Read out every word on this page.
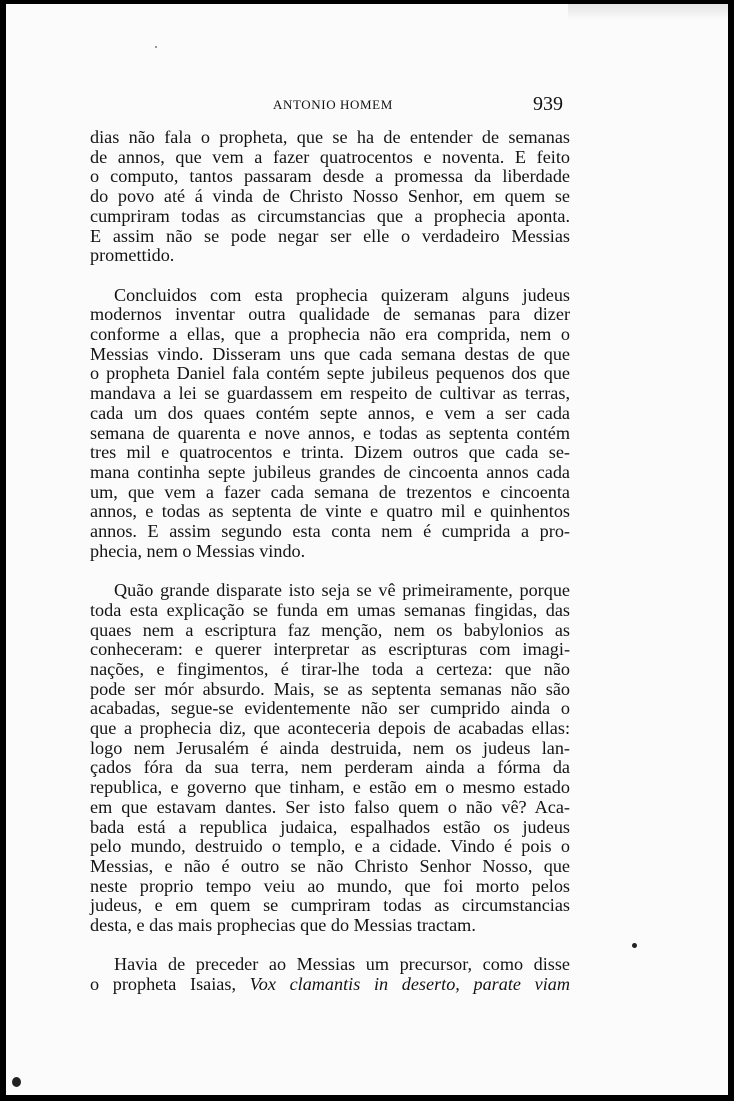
ANTONIO HOMEM	939

dias não fala o propheta, que se ha de entender de semanas
de annos, que vem a fazer quatrocentos e noventa. E feito
o computo, tantos passaram desde a promessa da liberdade
do povo até á vinda de Christo Nosso Senhor, em quem se
cumpriram todas as circumstancias que a prophecia aponta.
E assim não se pode negar ser elle o verdadeiro Messias
promettido.

Concluidos com esta prophecia quizeram alguns judeus
modernos inventar outra qualidade de semanas para dizer
conforme a ellas, que a prophecia não era comprida, nem o
Messias vindo. Disseram uns que cada semana destas de que
o propheta Daniel fala contém septe jubileus pequenos dos que
mandava a lei se guardassem em respeito de cultivar as terras,
cada um dos quaes contém septe annos, e vem a ser cada
semana de quarenta e nove annos, e todas as septenta contém
tres mil e quatrocentos e trinta. Dizem outros que cada se-
mana continha septe jubileus grandes de cincoenta annos cada
um, que vem a fazer cada semana de trezentos e cincoenta
annos, e todas as septenta de vinte e quatro mil e quinhentos
annos. E assim segundo esta conta nem é cumprida a pro-
phecia, nem o Messias vindo.

Quão grande disparate isto seja se vê primeiramente, porque
toda esta explicação se funda em umas semanas fingidas, das
quaes nem a escriptura faz menção, nem os babylonios as
conheceram: e querer interpretar as escripturas com imagi-
nações, e fingimentos, é tirar-lhe toda a certeza: que não
pode ser mór absurdo. Mais, se as septenta semanas não são
acabadas, segue-se evidentemente não ser cumprido ainda o
que a prophecia diz, que aconteceria depois de acabadas ellas:
logo nem Jerusalém é ainda destruida, nem os judeus lan-
çados fóra da sua terra, nem perderam ainda a fórma da
republica, e governo que tinham, e estão em o mesmo estado
em que estavam dantes. Ser isto falso quem o não vê? Aca-
bada está a republica judaica, espalhados estão os judeus
pelo mundo, destruido o templo, e a cidade. Vindo é pois o
Messias, e não é outro se não Christo Senhor Nosso, que
neste proprio tempo veiu ao mundo, que foi morto pelos
judeus, e em quem se cumpriram todas as circumstancias
desta, e das mais prophecias que do Messias tractam.

Havia de preceder ao Messias um precursor, como disse
o propheta Isaias, Vox clamantis in deserto, parate viam
